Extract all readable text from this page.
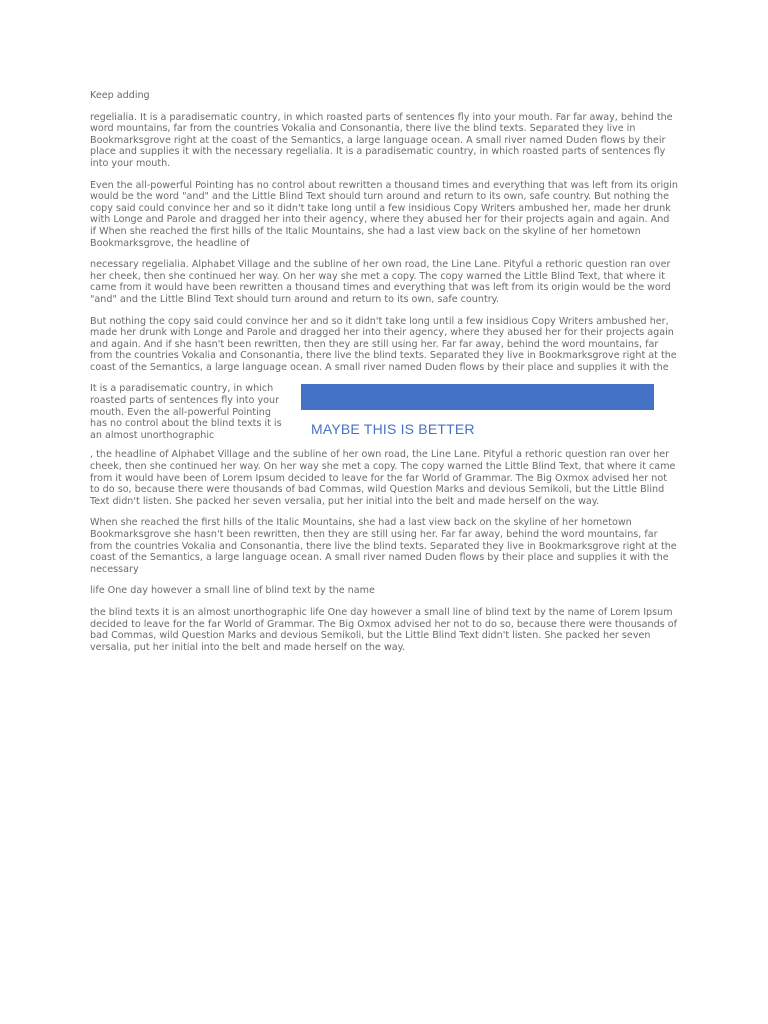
Keep adding

regelialia. It is a paradisematic country, in which roasted parts of sentences fly into your mouth. Far far away, behind the word mountains, far from the countries Vokalia and Consonantia, there live the blind texts. Separated they live in Bookmarksgrove right at the coast of the Semantics, a large language ocean. A small river named Duden flows by their place and supplies it with the necessary regelialia. It is a paradisematic country, in which roasted parts of sentences fly into your mouth.

Even the all-powerful Pointing has no control about rewritten a thousand times and everything that was left from its origin would be the word "and" and the Little Blind Text should turn around and return to its own, safe country. But nothing the copy said could convince her and so it didn't take long until a few insidious Copy Writers ambushed her, made her drunk with Longe and Parole and dragged her into their agency, where they abused her for their projects again and again. And if When she reached the first hills of the Italic Mountains, she had a last view back on the skyline of her hometown Bookmarksgrove, the headline of

necessary regelialia. Alphabet Village and the subline of her own road, the Line Lane. Pityful a rethoric question ran over her cheek, then she continued her way. On her way she met a copy. The copy warned the Little Blind Text, that where it came from it would have been rewritten a thousand times and everything that was left from its origin would be the word "and" and the Little Blind Text should turn around and return to its own, safe country.

But nothing the copy said could convince her and so it didn't take long until a few insidious Copy Writers ambushed her, made her drunk with Longe and Parole and dragged her into their agency, where they abused her for their projects again and again. And if she hasn't been rewritten, then they are still using her. Far far away, behind the word mountains, far from the countries Vokalia and Consonantia, there live the blind texts. Separated they live in Bookmarksgrove right at the coast of the Semantics, a large language ocean. A small river named Duden flows by their place and supplies it with the

It is a paradisematic country, in which roasted parts of sentences fly into your mouth. Even the all-powerful Pointing has no control about the blind texts it is an almost unorthographic	MAYBE THIS IS BETTER

, the headline of Alphabet Village and the subline of her own road, the Line Lane. Pityful a rethoric question ran over her cheek, then she continued her way. On her way she met a copy. The copy warned the Little Blind Text, that where it came from it would have been of Lorem Ipsum decided to leave for the far World of Grammar. The Big Oxmox advised her not to do so, because there were thousands of bad Commas, wild Question Marks and devious Semikoli, but the Little Blind Text didn't listen. She packed her seven versalia, put her initial into the belt and made herself on the way.

When she reached the first hills of the Italic Mountains, she had a last view back on the skyline of her hometown Bookmarksgrove she hasn't been rewritten, then they are still using her. Far far away, behind the word mountains, far from the countries Vokalia and Consonantia, there live the blind texts. Separated they live in Bookmarksgrove right at the coast of the Semantics, a large language ocean. A small river named Duden flows by their place and supplies it with the necessary

life One day however a small line of blind text by the name

the blind texts it is an almost unorthographic life One day however a small line of blind text by the name of Lorem Ipsum decided to leave for the far World of Grammar. The Big Oxmox advised her not to do so, because there were thousands of bad Commas, wild Question Marks and devious Semikoli, but the Little Blind Text didn't listen. She packed her seven versalia, put her initial into the belt and made herself on the way.
